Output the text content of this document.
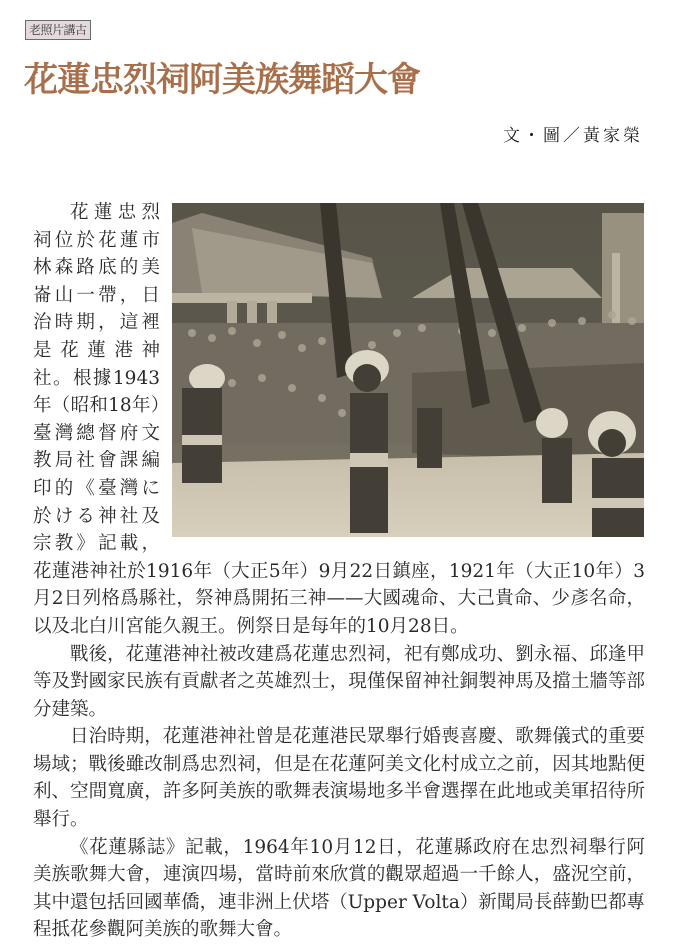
老照片講古
花蓮忠烈祠阿美族舞蹈大會
文・圖／黃家榮

花蓮忠烈祠位於花蓮市林森路底的美崙山一帶，日治時期，這裡是花蓮港神社。根據1943年（昭和18年）臺灣總督府文教局社會課編印的《臺灣に於ける神社及宗教》記載，花蓮港神社於1916年（大正5年）9月22日鎮座，1921年（大正10年）3月2日列格爲縣社，祭神爲開拓三神——大國魂命、大己貴命、少彥名命，以及北白川宮能久親王。例祭日是每年的10月28日。

戰後，花蓮港神社被改建爲花蓮忠烈祠，祀有鄭成功、劉永福、邱逢甲等及對國家民族有貢獻者之英雄烈士，現僅保留神社銅製神馬及擋土牆等部分建築。

日治時期，花蓮港神社曾是花蓮港民眾舉行婚喪喜慶、歌舞儀式的重要場域；戰後雖改制爲忠烈祠，但是在花蓮阿美文化村成立之前，因其地點便利、空間寬廣，許多阿美族的歌舞表演場地多半會選擇在此地或美軍招待所舉行。

《花蓮縣誌》記載，1964年10月12日，花蓮縣政府在忠烈祠舉行阿美族歌舞大會，連演四場，當時前來欣賞的觀眾超過一千餘人，盛況空前，其中還包括回國華僑，連非洲上伏塔（Upper Volta）新聞局長薛勤巴都專程抵花參觀阿美族的歌舞大會。
